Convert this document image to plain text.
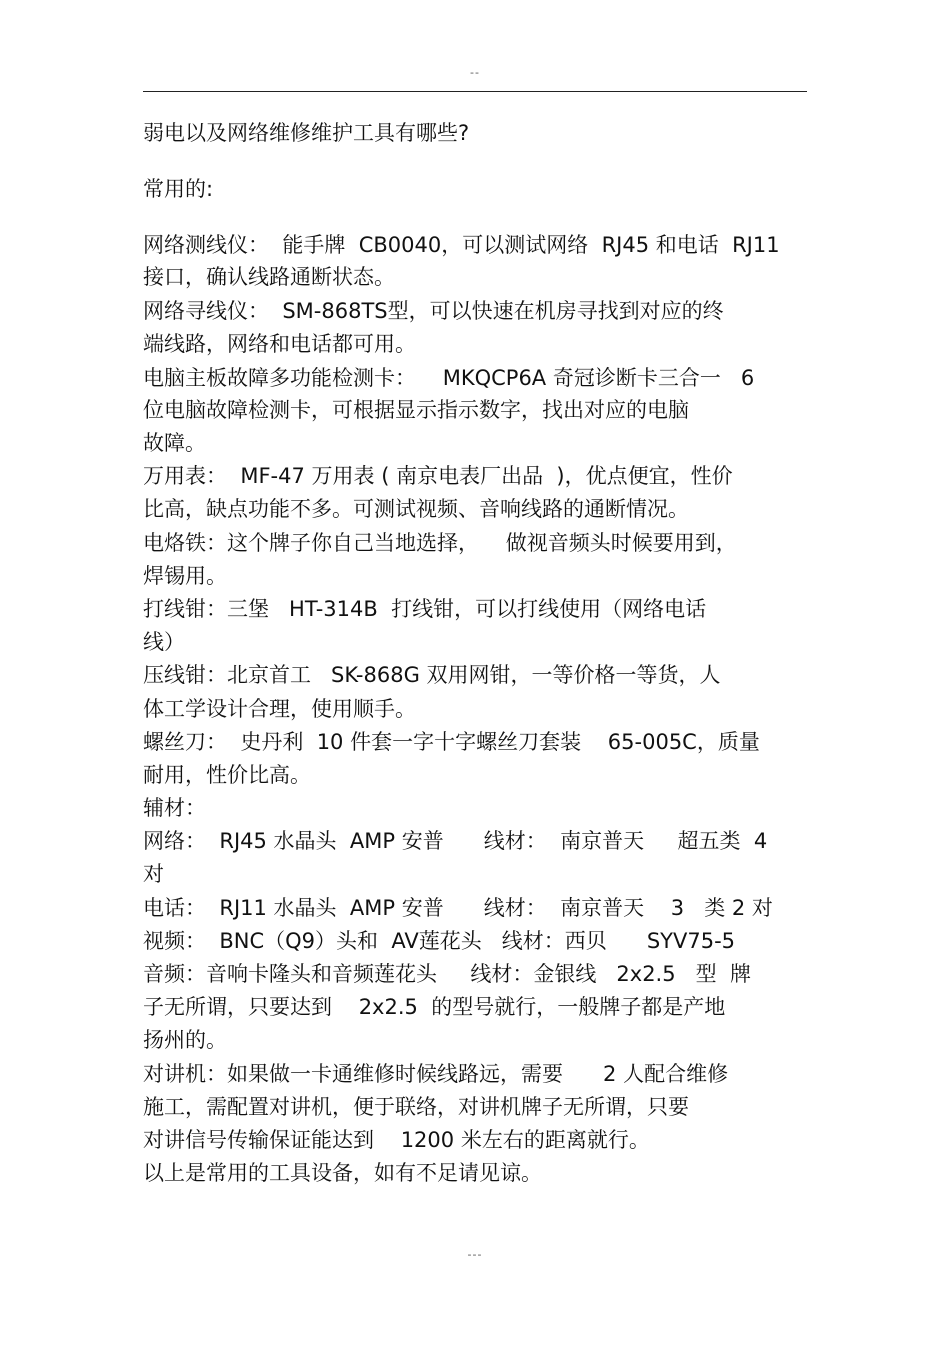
--
弱电以及网络维修维护工具有哪些?
常用的:
网络测线仪：  能手牌  CB0040，可以测试网络  RJ45 和电话  RJ11
接口，确认线路通断状态。
网络寻线仪：  SM-868TS型，可以快速在机房寻找到对应的终
端线路，网络和电话都可用。
电脑主板故障多功能检测卡：    MKQCP6A 奇冠诊断卡三合一   6
位电脑故障检测卡，可根据显示指示数字，找出对应的电脑
故障。
万用表：  MF-47 万用表 ( 南京电表厂出品  )，优点便宜，性价
比高，缺点功能不多。可测试视频、音响线路的通断情况。
电烙铁：这个牌子你自己当地选择，    做视音频头时候要用到，
焊锡用。
打线钳：三堡   HT-314B  打线钳，可以打线使用（网络电话
线）
压线钳：北京首工   SK-868G 双用网钳，一等价格一等货，人
体工学设计合理，使用顺手。
螺丝刀：  史丹利  10 件套一字十字螺丝刀套装    65-005C，质量
耐用，性价比高。
辅材：
网络：  RJ45 水晶头  AMP 安普      线材：  南京普天     超五类  4
对
电话：  RJ11 水晶头  AMP 安普      线材：  南京普天    3   类 2 对
视频：  BNC（Q9）头和  AV莲花头   线材：西贝      SYV75-5
音频：音响卡隆头和音频莲花头     线材：金银线   2x2.5   型  牌
子无所谓，只要达到    2x2.5  的型号就行，一般牌子都是产地
扬州的。
对讲机：如果做一卡通维修时候线路远，需要      2 人配合维修
施工，需配置对讲机，便于联络，对讲机牌子无所谓，只要
对讲信号传输保证能达到    1200 米左右的距离就行。
以上是常用的工具设备，如有不足请见谅。
---
